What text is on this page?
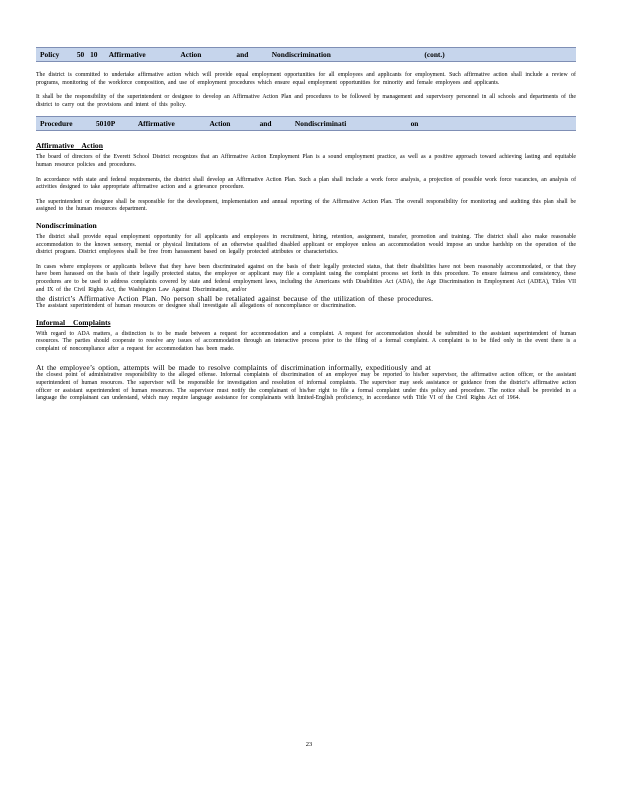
Policy   50 10  Affirmative      Action      and    Nondiscrimination                (cont.)
The district is committed to undertake affirmative action which will provide equal employment opportunities for all employees and applicants for employment. Such affirmative action shall include a review of programs, monitoring of the workforce composition, and use of employment procedures which ensure equal employment opportunities for minority and female employees and applicants.
It shall be the responsibility of the superintendent or designee to develop an Affirmative Action Plan and procedures to be followed by management and supervisory personnel in all schools and departments of the district to carry out the provisions and intent of this policy.
Procedure    5010P    Affirmative      Action     and    Nondiscriminati           on
Affirmative Action
The board of directors of the Everett School District recognizes that an Affirmative Action Employment Plan is a sound employment practice, as well as a positive approach toward achieving lasting and equitable human resource policies and procedures.
In accordance with state and federal requirements, the district shall develop an Affirmative Action Plan. Such a plan shall include a work force analysis, a projection of possible work force vacancies, an analysis of activities designed to take appropriate affirmative action and a grievance procedure.
The superintendent or designee shall be responsible for the development, implementation and annual reporting of the Affirmative Action Plan. The overall responsibility for monitoring and auditing this plan shall be assigned to the human resources department.
Nondiscrimination
The district shall provide equal employment opportunity for all applicants and employees in recruitment, hiring, retention, assignment, transfer, promotion and training. The district shall also make reasonable accommodation to the known sensory, mental or physical limitations of an otherwise qualified disabled applicant or employee unless an accommodation would impose an undue hardship on the operation of the district program. District employees shall be free from harassment based on legally protected attributes or characteristics.
In cases where employees or applicants believe that they have been discriminated against on the basis of their legally protected status, that their disabilities have not been reasonably accommodated, or that they have been harassed on the basis of their legally protected status, the employee or applicant may file a complaint using the complaint process set forth in this procedure. To ensure fairness and consistency, these procedures are to be used to address complaints covered by state and federal employment laws, including the Americans with Disabilities Act (ADA), the Age Discrimination in Employment Act (ADEA), Titles VII and IX of the Civil Rights Act, the Washington Law Against Discrimination, and/or
the district’s Affirmative Action Plan. No person shall be retaliated against because of the utilization of these procedures.
The assistant superintendent of human resources or designee shall investigate all allegations of noncompliance or discrimination.
Informal Complaints
With regard to ADA matters, a distinction is to be made between a request for accommodation and a complaint. A request for accommodation should be submitted to the assistant superintendent of human resources. The parties should cooperate to resolve any issues of accommodation through an interactive process prior to the filing of a formal complaint. A complaint is to be filed only in the event there is a complaint of noncompliance after a request for accommodation has been made.
At the employee’s option, attempts will be made to resolve complaints of discrimination informally, expeditiously and at
the closest point of administrative responsibility to the alleged offense. Informal complaints of discrimination of an employee may be reported to his/her supervisor, the affirmative action officer, or the assistant superintendent of human resources. The supervisor will be responsible for investigation and resolution of informal complaints. The supervisor may seek assistance or guidance from the district’s affirmative action officer or assistant superintendent of human resources. The supervisor must notify the complainant of his/her right to file a formal complaint under this policy and procedure. The notice shall be provided in a language the complainant can understand, which may require language assistance for complainants with limited-English proficiency, in accordance with Title VI of the Civil Rights Act of 1964.
23
